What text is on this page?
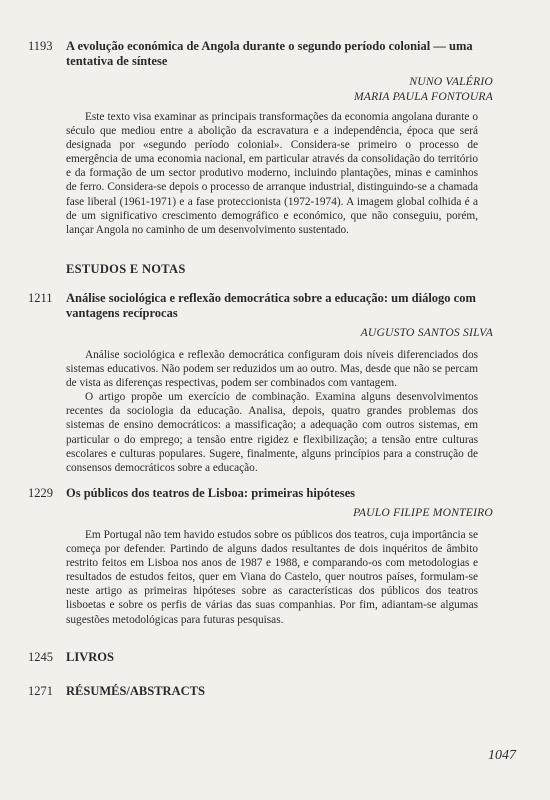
1193 A evolução económica de Angola durante o segundo período colonial — uma tentativa de síntese
NUNO VALÉRIO
MARIA PAULA FONTOURA

Este texto visa examinar as principais transformações da economia angolana durante o século que mediou entre a abolição da escravatura e a independência, época que será designada por «segundo período colonial». Considera-se primeiro o processo de emergência de uma economia nacional, em particular através da consolidação do território e da formação de um sector produtivo moderno, incluindo plantações, minas e caminhos de ferro. Considera-se depois o processo de arranque industrial, distinguindo-se a chamada fase liberal (1961-1971) e a fase proteccionista (1972-1974). A imagem global colhida é a de um significativo crescimento demográfico e económico, que não conseguiu, porém, lançar Angola no caminho de um desenvolvimento sustentado.

ESTUDOS E NOTAS
1211 Análise sociológica e reflexão democrática sobre a educação: um diálogo com vantagens recíprocas
AUGUSTO SANTOS SILVA

Análise sociológica e reflexão democrática configuram dois níveis diferenciados dos sistemas educativos. Não podem ser reduzidos um ao outro. Mas, desde que não se percam de vista as diferenças respectivas, podem ser combinados com vantagem.

O artigo propõe um exercício de combinação. Examina alguns desenvolvimentos recentes da sociologia da educação. Analisa, depois, quatro grandes problemas dos sistemas de ensino democráticos: a massificação; a adequação com outros sistemas, em particular o do emprego; a tensão entre rigidez e flexibilização; a tensão entre culturas escolares e culturas populares. Sugere, finalmente, alguns princípios para a construção de consensos democráticos sobre a educação.

1229 Os públicos dos teatros de Lisboa: primeiras hipóteses
PAULO FILIPE MONTEIRO

Em Portugal não tem havido estudos sobre os públicos dos teatros, cuja importância se começa por defender. Partindo de alguns dados resultantes de dois inquéritos de âmbito restrito feitos em Lisboa nos anos de 1987 e 1988, e comparando-os com metodologias e resultados de estudos feitos, quer em Viana do Castelo, quer noutros países, formulam-se neste artigo as primeiras hipóteses sobre as características dos públicos dos teatros lisboetas e sobre os perfis de várias das suas companhias. Por fim, adiantam-se algumas sugestões metodológicas para futuras pesquisas.

1245 LIVROS
1271 RÉSUMÉS/ABSTRACTS
1047
